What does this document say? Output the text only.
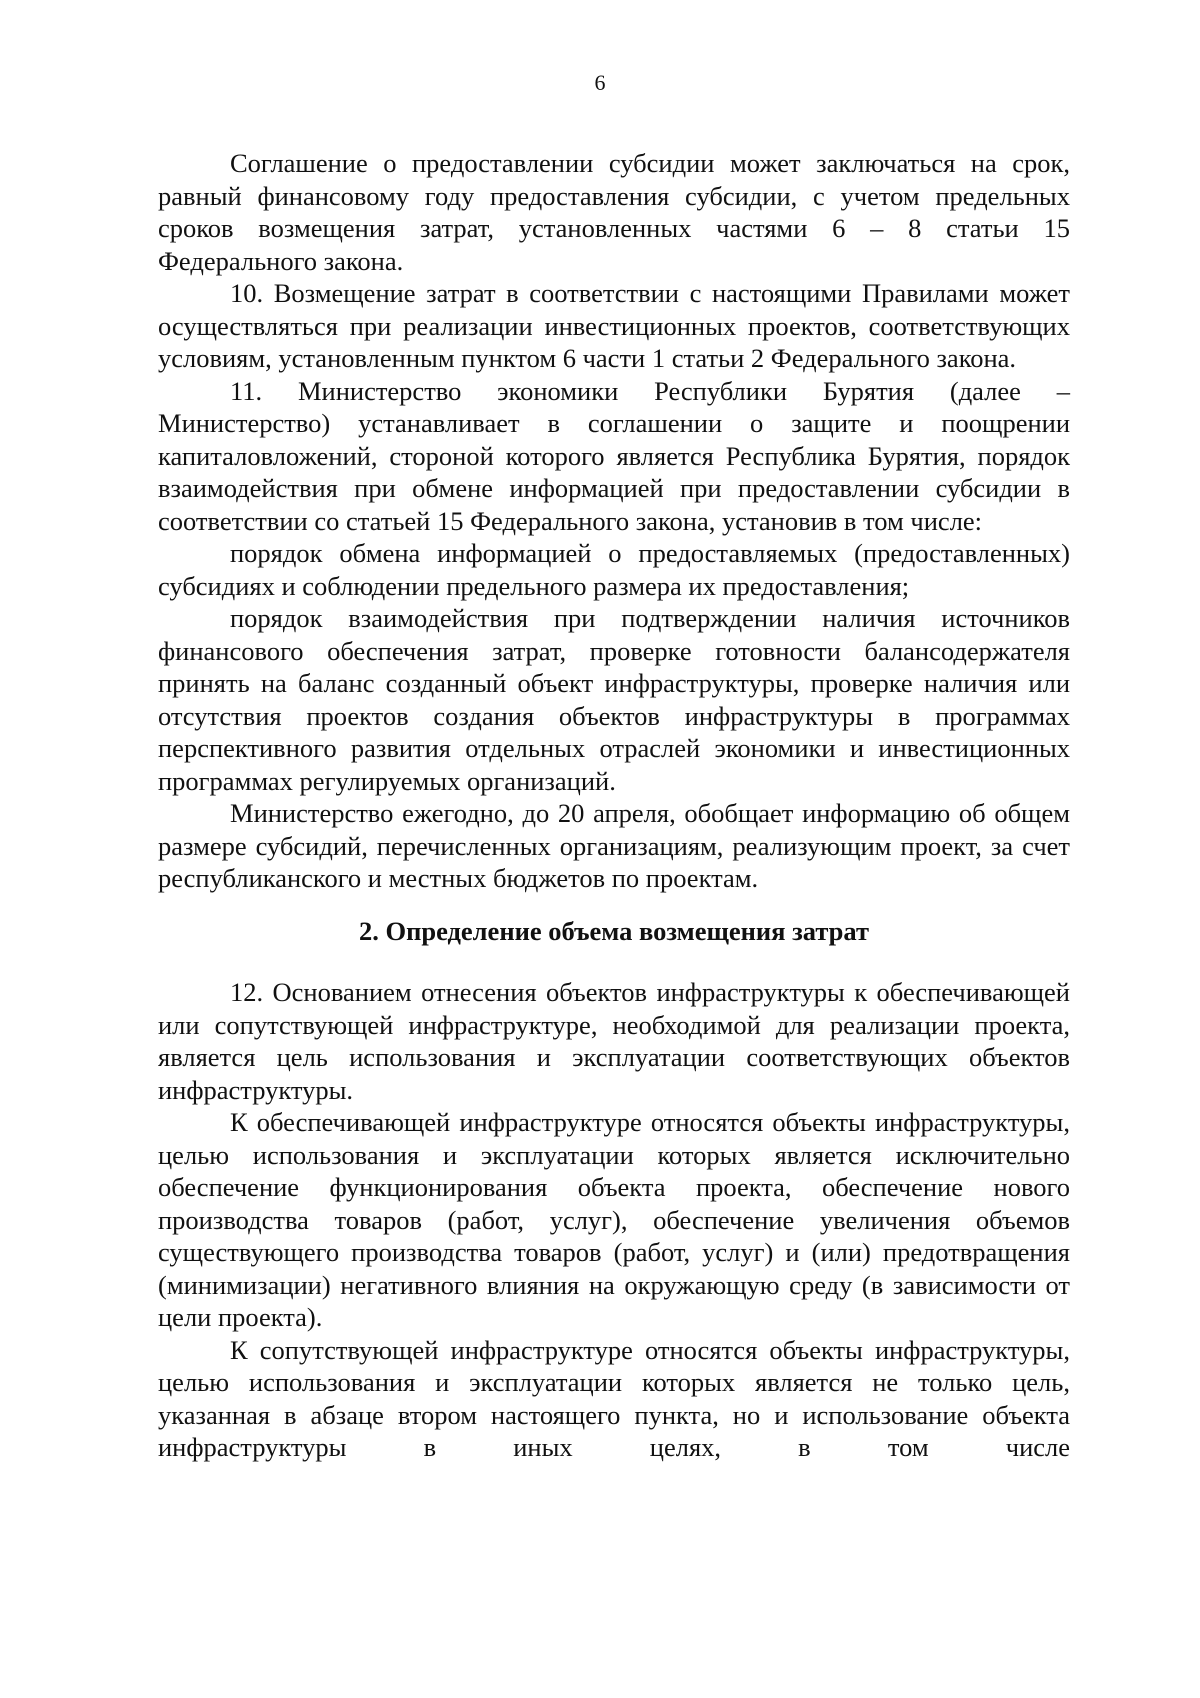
6

Соглашение о предоставлении субсидии может заключаться на срок, равный финансовому году предоставления субсидии, с учетом предельных сроков возмещения затрат, установленных частями 6 – 8 статьи 15 Федерального закона.

10. Возмещение затрат в соответствии с настоящими Правилами может осуществляться при реализации инвестиционных проектов, соответствующих условиям, установленным пунктом 6 части 1 статьи 2 Федерального закона.

11. Министерство экономики Республики Бурятия (далее – Министерство) устанавливает в соглашении о защите и поощрении капиталовложений, стороной которого является Республика Бурятия, порядок взаимодействия при обмене информацией при предоставлении субсидии в соответствии со статьей 15 Федерального закона, установив в том числе:

порядок обмена информацией о предоставляемых (предоставленных) субсидиях и соблюдении предельного размера их предоставления;

порядок взаимодействия при подтверждении наличия источников финансового обеспечения затрат, проверке готовности балансодержателя принять на баланс созданный объект инфраструктуры, проверке наличия или отсутствия проектов создания объектов инфраструктуры в программах перспективного развития отдельных отраслей экономики и инвестиционных программах регулируемых организаций.

Министерство ежегодно, до 20 апреля, обобщает информацию об общем размере субсидий, перечисленных организациям, реализующим проект, за счет республиканского и местных бюджетов по проектам.

2. Определение объема возмещения затрат

12. Основанием отнесения объектов инфраструктуры к обеспечивающей или сопутствующей инфраструктуре, необходимой для реализации проекта, является цель использования и эксплуатации соответствующих объектов инфраструктуры.

К обеспечивающей инфраструктуре относятся объекты инфраструктуры, целью использования и эксплуатации которых является исключительно обеспечение функционирования объекта проекта, обеспечение нового производства товаров (работ, услуг), обеспечение увеличения объемов существующего производства товаров (работ, услуг) и (или) предотвращения (минимизации) негативного влияния на окружающую среду (в зависимости от цели проекта).

К сопутствующей инфраструктуре относятся объекты инфраструктуры, целью использования и эксплуатации которых является не только цель, указанная в абзаце втором настоящего пункта, но и использование объекта инфраструктуры в иных целях, в том числе
